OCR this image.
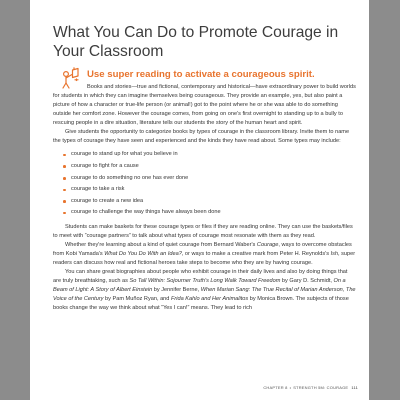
What You Can Do to Promote Courage in Your Classroom
Use super reading to activate a courageous spirit.

Books and stories—true and fictional, contemporary and historical—have extraordinary power to build worlds for students in which they can imagine themselves being courageous. They provide an example, yes, but also paint a picture of how a character or true-life person (or animal!) got to the point where he or she was able to do something outside her comfort zone. However the courage comes, from going on one's first overnight to standing up to a bully to rescuing people in a dire situation, literature tells our students the story of the human heart and spirit.

Give students the opportunity to categorize books by types of courage in the classroom library. Invite them to name the types of courage they have seen and experienced and the kinds they have read about. Some types may include:

courage to stand up for what you believe in
courage to fight for a cause
courage to do something no one has ever done
courage to take a risk
courage to create a new idea
courage to challenge the way things have always been done

Students can make baskets for these courage types or files if they are reading online. They can use the baskets/files to meet with “courage partners” to talk about what types of courage most resonate with them as they read.

Whether they're learning about a kind of quiet courage from Bernard Waber's Courage, ways to overcome obstacles from Kobi Yamada's What Do You Do With an Idea?, or ways to make a creative mark from Peter H. Reynolds's Ish, super readers can discuss how real and fictional heroes take steps to become who they are by having courage.

You can share great biographies about people who exhibit courage in their daily lives and also by doing things that are truly breathtaking, such as So Tall Within: Sojourner Truth's Long Walk Toward Freedom by Gary D. Schmidt, On a Beam of Light: A Story of Albert Einstein by Jennifer Berne, When Marian Sang: The True Recital of Marian Anderson, The Voice of the Century by Pam Muñoz Ryan, and Frida Kahlo and Her Animalitos by Monica Brown. The subjects of those books change the way we think about what “Yes I can!” means. They lead to rich

CHAPTER 8 • STRENGTH 5M: COURAGE 111
